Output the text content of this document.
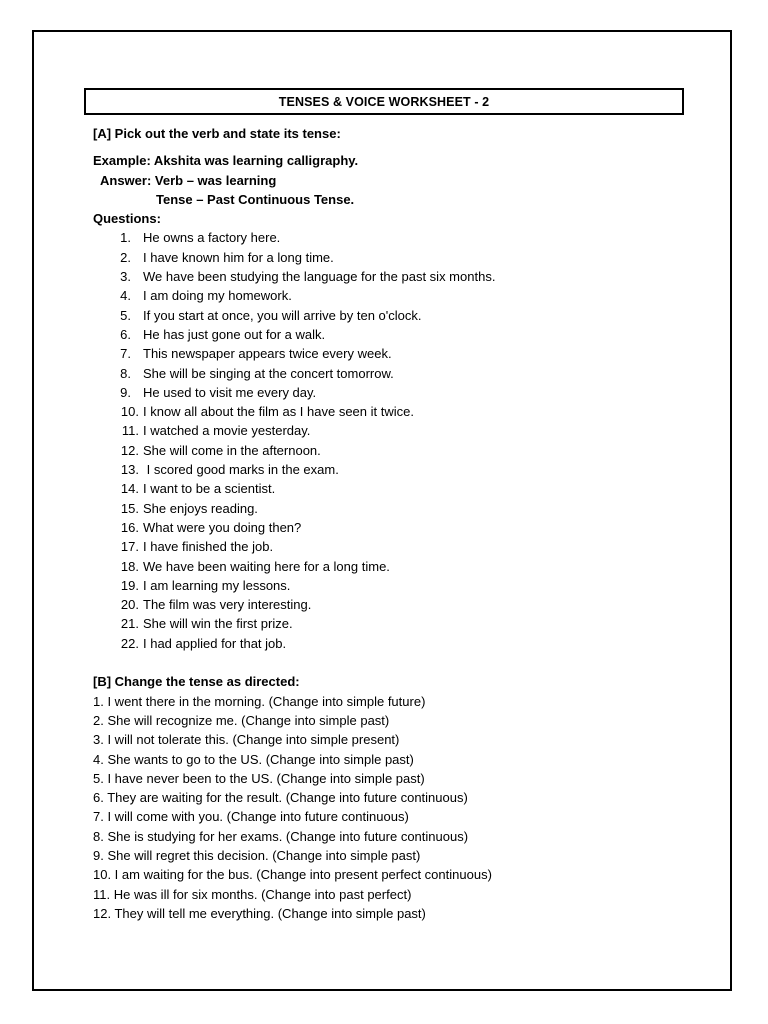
TENSES & VOICE WORKSHEET - 2
[A] Pick out the verb and state its tense:
Example: Akshita was learning calligraphy.
Answer: Verb – was learning
Tense – Past Continuous Tense.
Questions:
1. He owns a factory here.
2. I have known him for a long time.
3. We have been studying the language for the past six months.
4. I am doing my homework.
5. If you start at once, you will arrive by ten o'clock.
6. He has just gone out for a walk.
7. This newspaper appears twice every week.
8. She will be singing at the concert tomorrow.
9. He used to visit me every day.
10. I know all about the film as I have seen it twice.
11. I watched a movie yesterday.
12. She will come in the afternoon.
13. I scored good marks in the exam.
14. I want to be a scientist.
15. She enjoys reading.
16. What were you doing then?
17. I have finished the job.
18. We have been waiting here for a long time.
19. I am learning my lessons.
20. The film was very interesting.
21. She will win the first prize.
22. I had applied for that job.
[B] Change the tense as directed:
1. I went there in the morning. (Change into simple future)
2. She will recognize me. (Change into simple past)
3. I will not tolerate this. (Change into simple present)
4. She wants to go to the US. (Change into simple past)
5. I have never been to the US. (Change into simple past)
6. They are waiting for the result. (Change into future continuous)
7. I will come with you. (Change into future continuous)
8. She is studying for her exams. (Change into future continuous)
9. She will regret this decision. (Change into simple past)
10. I am waiting for the bus. (Change into present perfect continuous)
11. He was ill for six months. (Change into past perfect)
12. They will tell me everything. (Change into simple past)
